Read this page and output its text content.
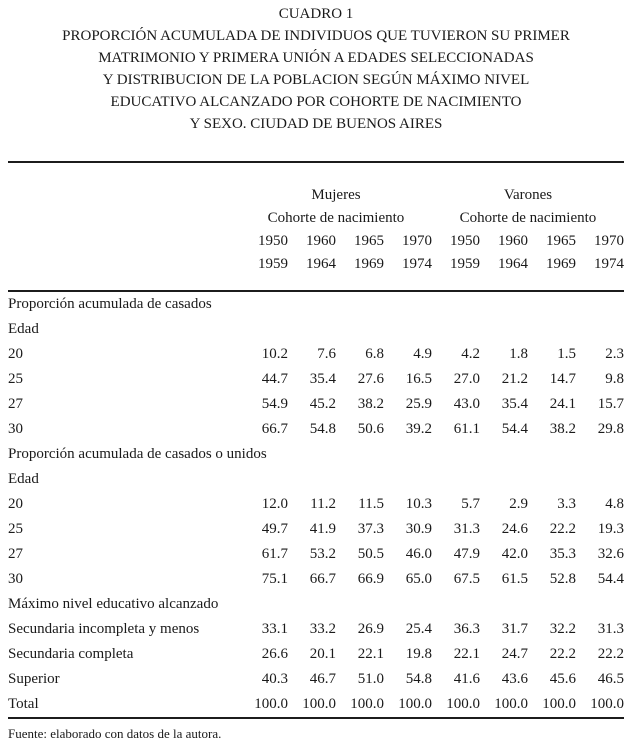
CUADRO 1
PROPORCIÓN ACUMULADA DE INDIVIDUOS QUE TUVIERON SU PRIMER
MATRIMONIO Y PRIMERA UNIÓN A EDADES SELECCIONADAS
Y DISTRIBUCION DE LA POBLACION SEGÚN MÁXIMO NIVEL
EDUCATIVO ALCANZADO POR COHORTE DE NACIMIENTO
Y SEXO. CIUDAD DE BUENOS AIRES
Mujeres	Varones
Cohorte de nacimiento	Cohorte de nacimiento
1950	1960	1965	1970	1950	1960	1965	1970
1959	1964	1969	1974	1959	1964	1969	1974
Proporción acumulada de casados
Edad
20	10.2	7.6	6.8	4.9	4.2	1.8	1.5	2.3
25	44.7	35.4	27.6	16.5	27.0	21.2	14.7	9.8
27	54.9	45.2	38.2	25.9	43.0	35.4	24.1	15.7
30	66.7	54.8	50.6	39.2	61.1	54.4	38.2	29.8
Proporción acumulada de casados o unidos
Edad
20	12.0	11.2	11.5	10.3	5.7	2.9	3.3	4.8
25	49.7	41.9	37.3	30.9	31.3	24.6	22.2	19.3
27	61.7	53.2	50.5	46.0	47.9	42.0	35.3	32.6
30	75.1	66.7	66.9	65.0	67.5	61.5	52.8	54.4
Máximo nivel educativo alcanzado
Secundaria incompleta y menos	33.1	33.2	26.9	25.4	36.3	31.7	32.2	31.3
Secundaria completa	26.6	20.1	22.1	19.8	22.1	24.7	22.2	22.2
Superior	40.3	46.7	51.0	54.8	41.6	43.6	45.6	46.5
Total	100.0 100.0 100.0 100.0 100.0 100.0 100.0 100.0
Fuente: elaborado con datos de la autora.
